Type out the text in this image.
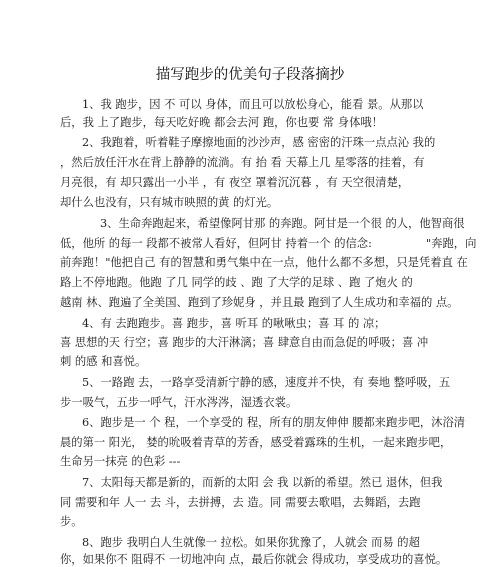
描写跑步的优美句子段落摘抄
1、我 跑步，因 不 可以 身体，而且可以放松身心，能看 景。从那以
后，我 上了跑步，每天吃好晚 都会去河 跑，你也要 常 身体哦！
2、我跑着，听着鞋子摩擦地面的沙沙声，感 密密的汗珠一点点沁 我的
，然后放任汗水在背上静静的流淌。有 抬 看 天幕上几 星零落的挂着，有
月亮很，有 却只露出一小半 ，有 夜空 罩着沉沉暮 ，有 天空很清楚，
却什么也没有，只有城市映照的黄 的灯光。
3、生命奔跑起来，希望像阿甘那 的奔跑。阿甘是一个很 的人，他智商很
低，他所 的每一 段都不被常人看好，但阿甘 持着一个 的信念:	"奔跑，向
前奔跑！"他把自己 有的智慧和勇气集中在一点，他什么都不多想，只是凭着直 在
路上不停地跑。他跑 了几 同学的歧 、跑 了大学的足球 、跑 了炮火 的
越南 林、跑遍了全美国、跑到了珍妮身 ，并且最 跑到了人生成功和幸福的 点。
4、有 去跑跑步。喜 跑步，喜 听耳 的啾啾虫；喜 耳 的 凉；
喜 思想的天 行空；喜 跑步的大汗淋漓；喜 肆意自由而急促的呼吸；喜 冲
刺 的感 和喜悦。
5、一路跑 去，一路享受清新宁静的感，速度并不快，有 奏地 整呼吸，五
步一吸气，五步一呼气，汗水涔涔，湿透衣裳。
6、跑步是一 个 程，一个享受的 程，所有的朋友伸伸 腰都来跑步吧，沐浴清
晨的第一 阳光， 婪的吮吸着青草的芳香，感受着露珠的生机，一起来跑步吧，
生命另一抹亮 的色彩 ---
7、太阳每天都是新的，而新的太阳 会 我 以新的希望。然已 退休，但我
同 需要和年 人一 去 斗，去拼搏，去 造。同 需要去歌唱，去舞蹈，去跑
步。
8、跑步 我明白人生就像一 拉松。如果你犹豫了，人就会 而易 的超
你，如果你不 阻碍不 一切地冲向 点，最后你就会 得成功，享受成功的喜悦。
